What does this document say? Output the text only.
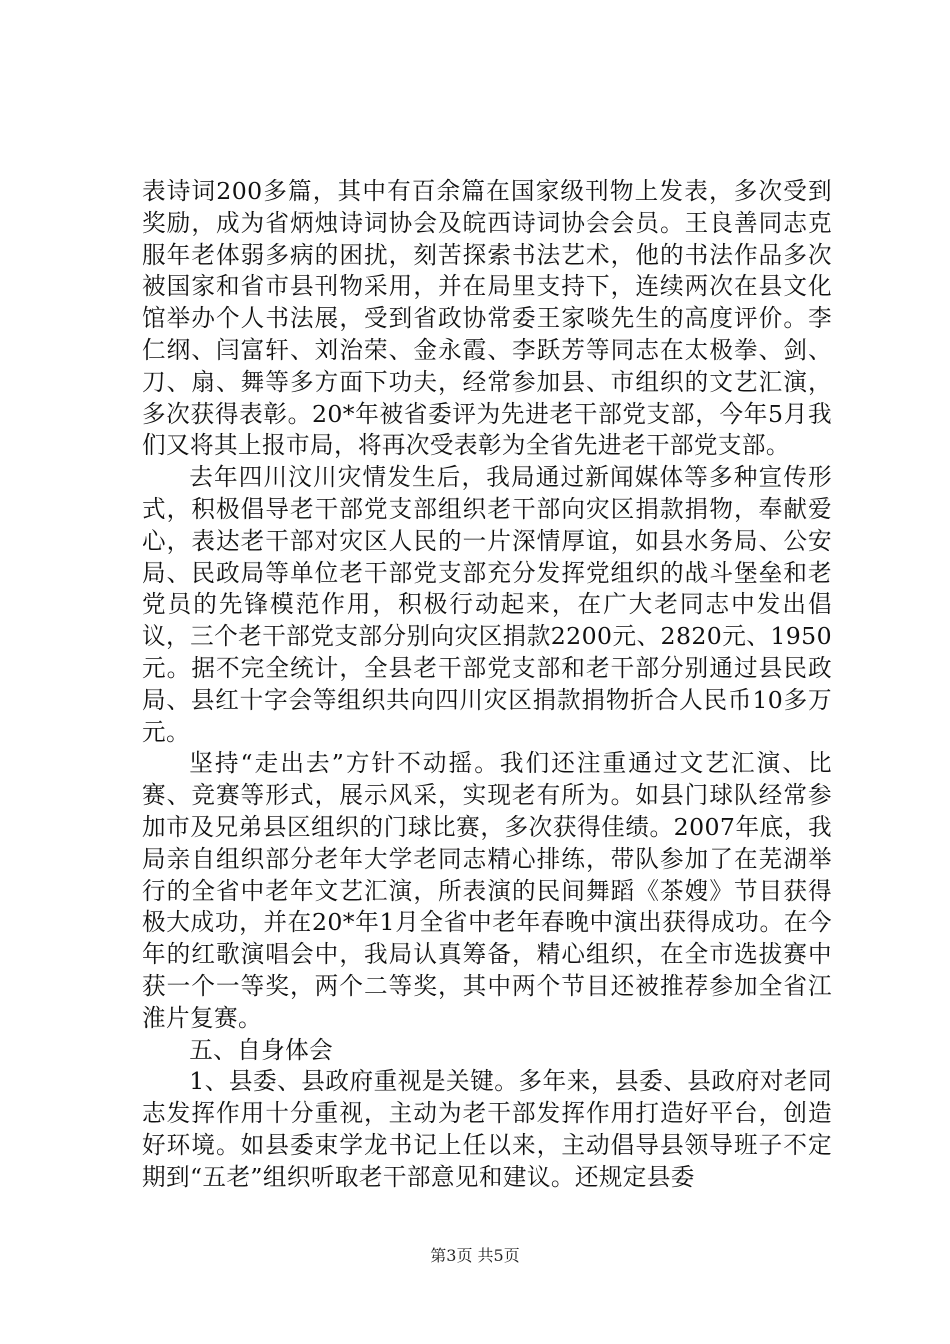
表诗词200多篇，其中有百余篇在国家级刊物上发表，多次受到奖励，成为省炳烛诗词协会及皖西诗词协会会员。王良善同志克服年老体弱多病的困扰，刻苦探索书法艺术，他的书法作品多次被国家和省市县刊物采用，并在局里支持下，连续两次在县文化馆举办个人书法展，受到省政协常委王家啖先生的高度评价。李仁纲、闫富轩、刘治荣、金永霞、李跃芳等同志在太极拳、剑、刀、扇、舞等多方面下功夫，经常参加县、市组织的文艺汇演，多次获得表彰。20*年被省委评为先进老干部党支部，今年5月我们又将其上报市局，将再次受表彰为全省先进老干部党支部。

去年四川汶川灾情发生后，我局通过新闻媒体等多种宣传形式，积极倡导老干部党支部组织老干部向灾区捐款捐物，奉献爱心，表达老干部对灾区人民的一片深情厚谊，如县水务局、公安局、民政局等单位老干部党支部充分发挥党组织的战斗堡垒和老党员的先锋模范作用，积极行动起来，在广大老同志中发出倡议，三个老干部党支部分别向灾区捐款2200元、2820元、1950元。据不完全统计，全县老干部党支部和老干部分别通过县民政局、县红十字会等组织共向四川灾区捐款捐物折合人民币10多万元。

坚持“走出去”方针不动摇。我们还注重通过文艺汇演、比赛、竞赛等形式，展示风采，实现老有所为。如县门球队经常参加市及兄弟县区组织的门球比赛，多次获得佳绩。2007年底，我局亲自组织部分老年大学老同志精心排练，带队参加了在芜湖举行的全省中老年文艺汇演，所表演的民间舞蹈《茶嫂》节目获得极大成功，并在20*年1月全省中老年春晚中演出获得成功。在今年的红歌演唱会中，我局认真筹备，精心组织，在全市选拔赛中获一个一等奖，两个二等奖，其中两个节目还被推荐参加全省江淮片复赛。

五、自身体会

1、县委、县政府重视是关键。多年来，县委、县政府对老同志发挥作用十分重视，主动为老干部发挥作用打造好平台，创造好环境。如县委束学龙书记上任以来，主动倡导县领导班子不定期到“五老”组织听取老干部意见和建议。还规定县委

第3页 共5页
